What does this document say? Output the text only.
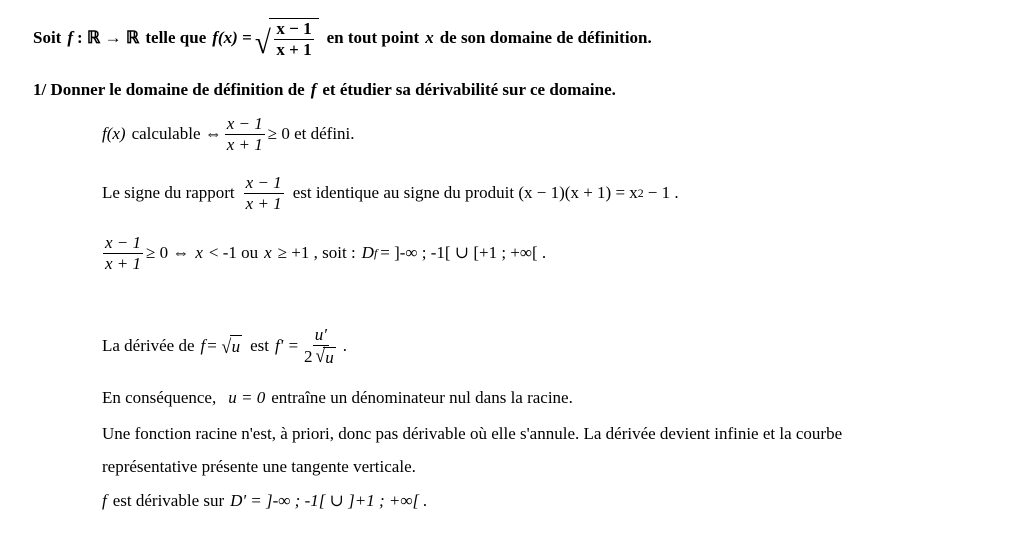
Soit f : ℝ → ℝ telle que f(x) = √ $\frac{x - 1}{x + 1}$ en tout point x de son domaine de définition.
1/ Donner le domaine de définition de f et étudier sa dérivabilité sur ce domaine.
f(x) calculable ⇔ $\frac{x - 1}{x + 1} \ge 0$ et défini.
Le signe du rapport $\frac{x - 1}{x + 1}$ est identique au signe du produit (x − 1)(x + 1) = x 2 − 1 .
$\frac{x - 1}{x + 1} \ge 0$ ⇔ x < -1 ou x ≥ +1 , soit : D f = ]-∞ ; -1[ ∪ [+1 ; +∞[ .
La dérivée de f = √ u est $f' = \frac{u'}{2 √ u}$ .
En conséquence, u = 0 entraîne un dénominateur nul dans la racine.
Une fonction racine n'est, à priori, donc pas dérivable où elle s'annule. La dérivée devient infinie et la courbe
représentative présente une tangente verticale.
f est dérivable sur D' = ]-∞ ; -1[ ∪ ]+1 ; +∞[ .
